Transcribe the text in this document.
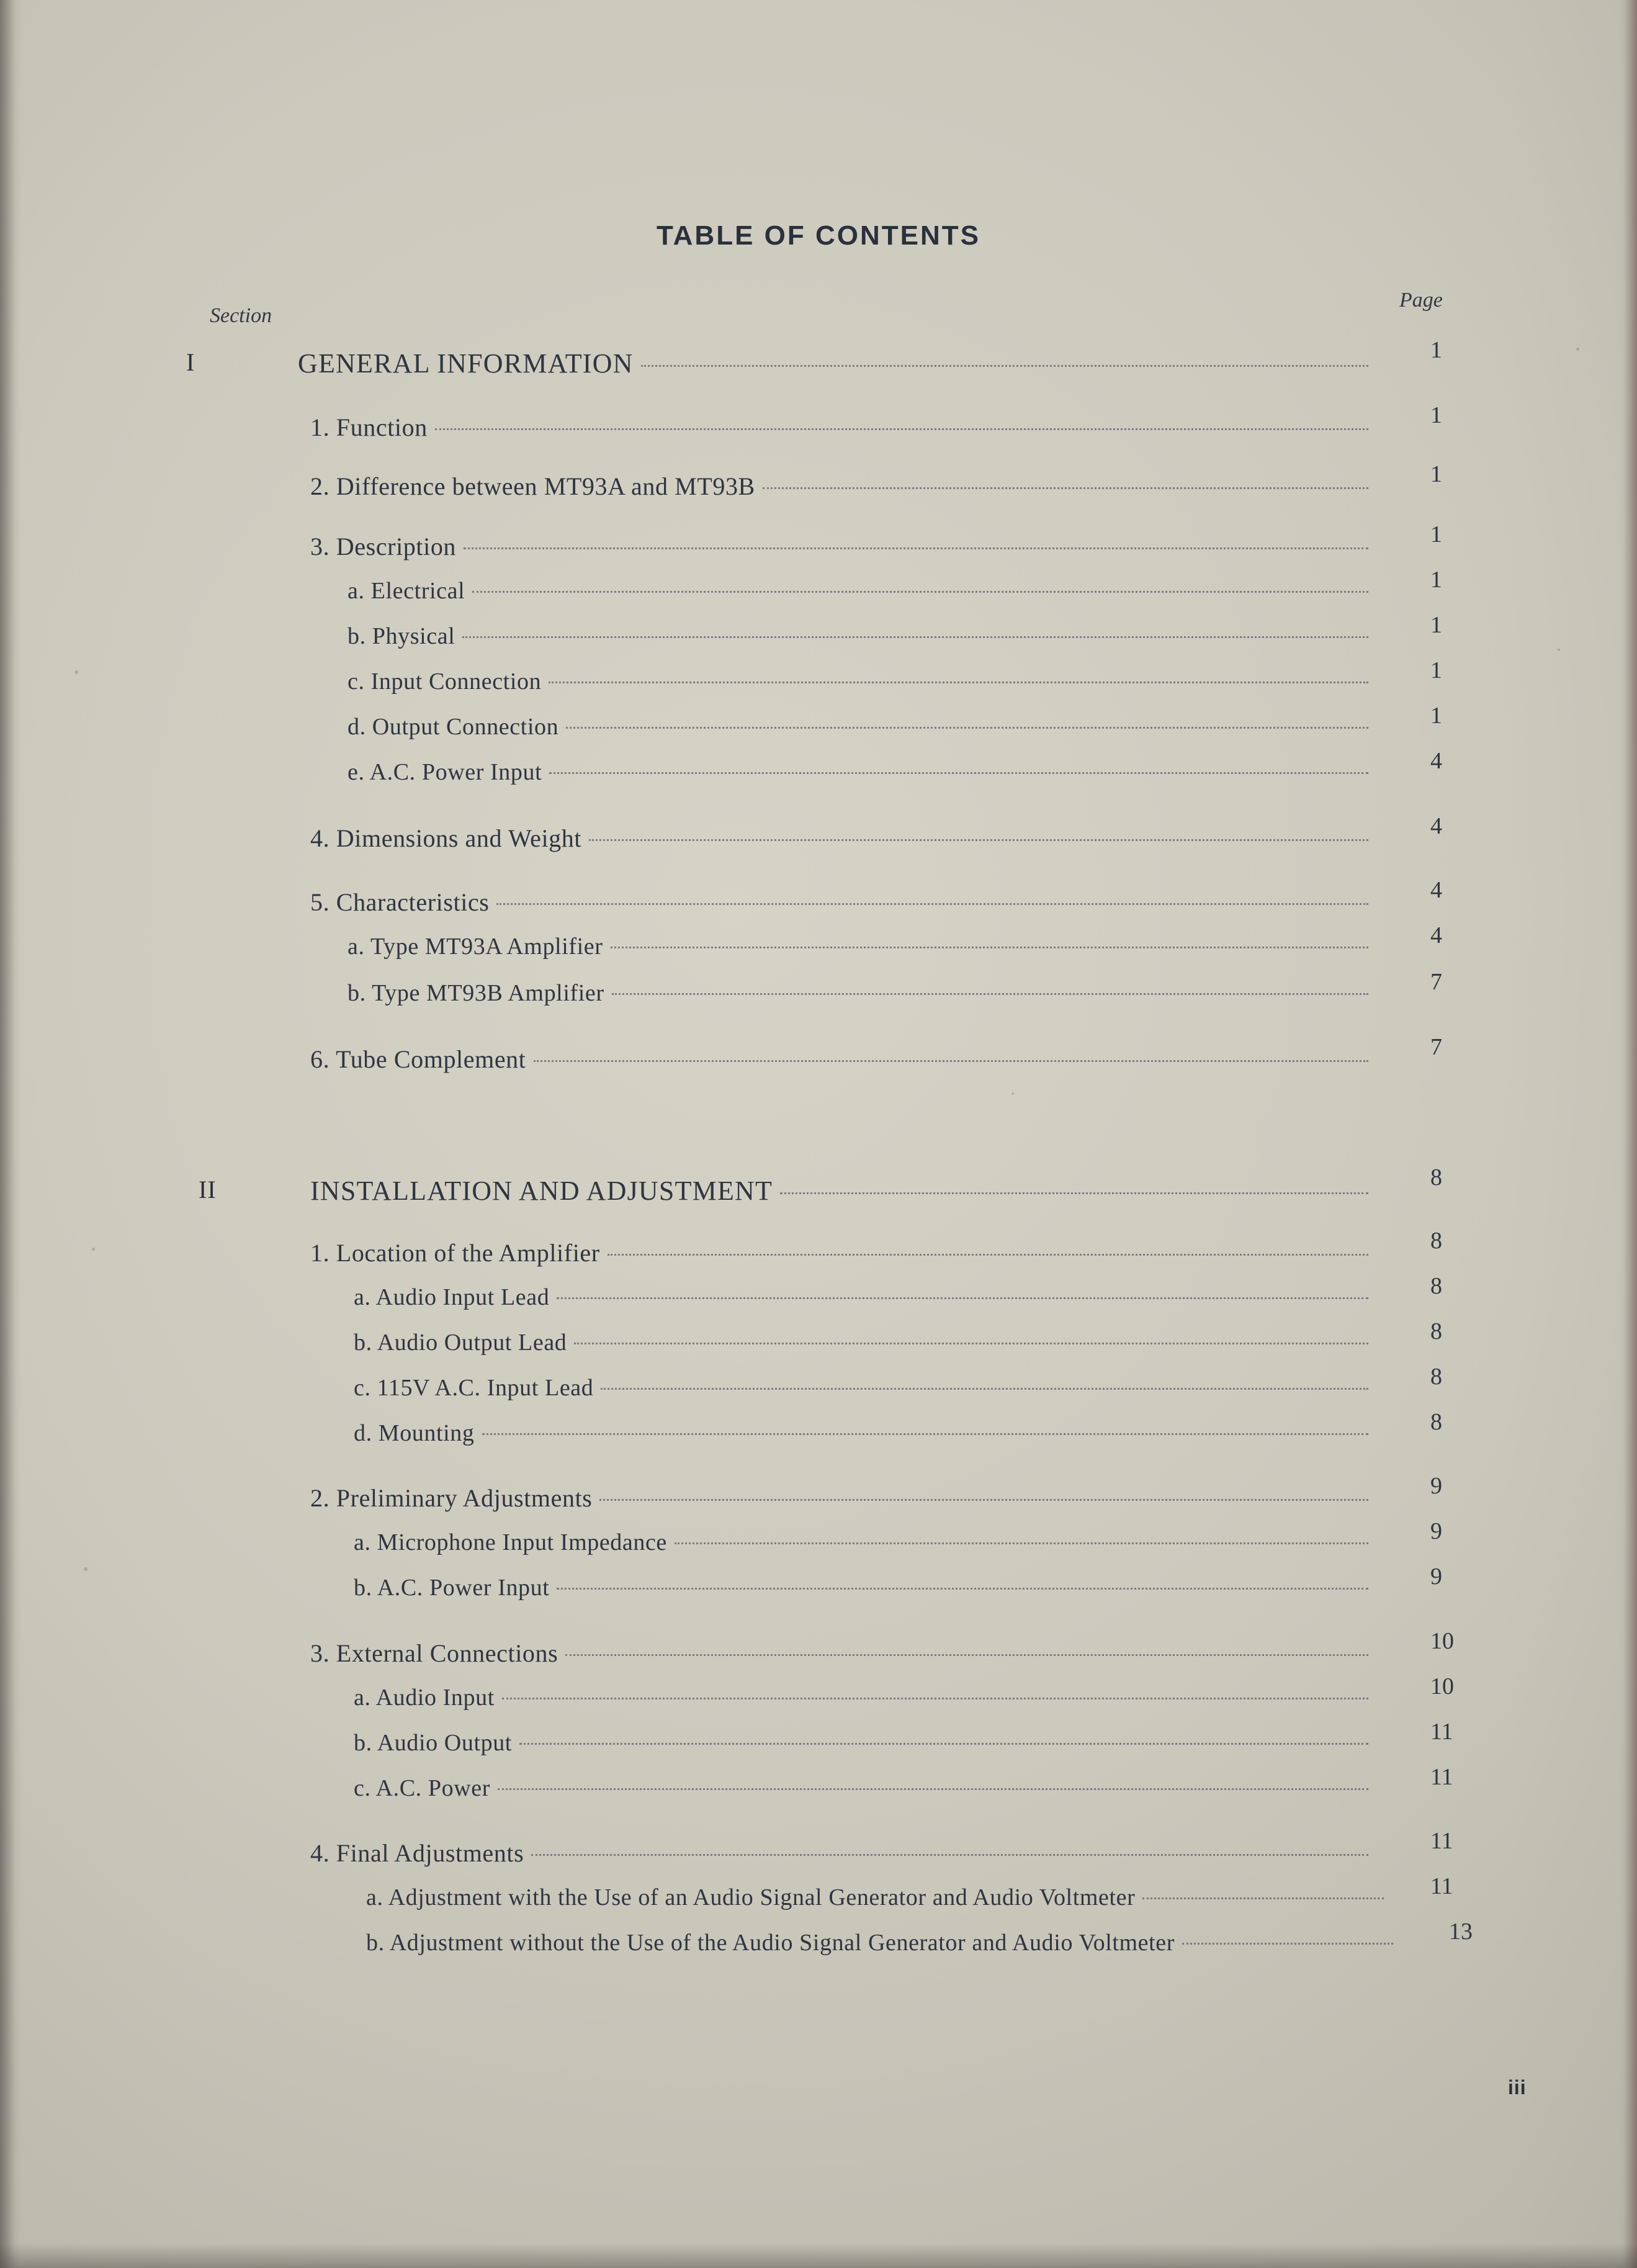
TABLE OF CONTENTS
Section
Page
I	GENERAL INFORMATION	1
1. Function	1
2. Difference between MT93A and MT93B	1
3. Description	1
a. Electrical	1
b. Physical	1
c. Input Connection	1
d. Output Connection	1
e. A.C. Power Input	4
4. Dimensions and Weight	4
5. Characteristics	4
a. Type MT93A Amplifier	4
b. Type MT93B Amplifier	7
6. Tube Complement	7
II	INSTALLATION AND ADJUSTMENT	8
1. Location of the Amplifier	8
a. Audio Input Lead	8
b. Audio Output Lead	8
c. 115V A.C. Input Lead	8
d. Mounting	8
2. Preliminary Adjustments	9
a. Microphone Input Impedance	9
b. A.C. Power Input	9
3. External Connections	10
a. Audio Input	10
b. Audio Output	11
c. A.C. Power	11
4. Final Adjustments	11
a. Adjustment with the Use of an Audio Signal Generator and Audio Voltmeter	11
b. Adjustment without the Use of the Audio Signal Generator and Audio Voltmeter	13
iii
